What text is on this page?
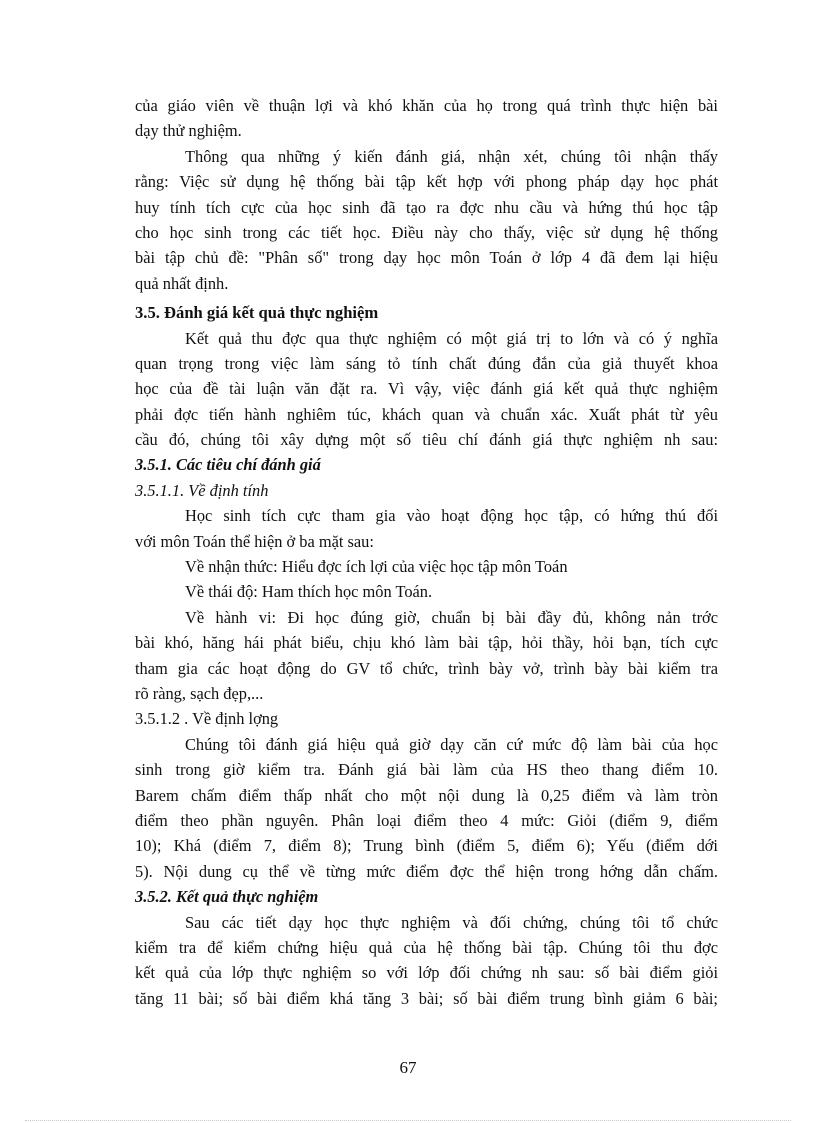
của giáo viên về thuận lợi và khó khăn của họ trong quá trình thực hiện bài
dạy thử nghiệm.
Thông qua những ý kiến đánh giá, nhận xét, chúng tôi nhận thấy
rằng: Việc sử dụng hệ thống bài tập kết hợp với phong pháp dạy học phát
huy tính tích cực của học sinh đã tạo ra đợc nhu cầu và hứng thú học tập
cho học sinh trong các tiết học. Điều này cho thấy, việc sử dụng hệ thống
bài tập chủ đề: "Phân số" trong dạy học môn Toán ở lớp 4 đã đem lại hiệu
quả nhất định.
3.5. Đánh giá kết quả thực nghiệm
Kết quả thu đợc qua thực nghiệm có một giá trị to lớn và có ý nghĩa
quan trọng trong việc làm sáng tỏ tính chất đúng đắn của giả thuyết khoa
học của đề tài luận văn đặt ra. Vì vậy, việc đánh giá kết quả thực nghiệm
phải đợc tiến hành nghiêm túc, khách quan và chuẩn xác. Xuất phát từ yêu
cầu đó, chúng tôi xây dựng một số tiêu chí đánh giá thực nghiệm nh sau:
3.5.1. Các tiêu chí đánh giá
3.5.1.1. Về định tính
Học sinh tích cực tham gia vào hoạt động học tập, có hứng thú đối
với môn Toán thể hiện ở ba mặt sau:
Về nhận thức: Hiểu đợc ích lợi của việc học tập môn Toán
Về thái độ: Ham thích học môn Toán.
Về hành vi: Đi học đúng giờ, chuẩn bị bài đầy đủ, không nản trớc
bài khó, hăng hái phát biểu, chịu khó làm bài tập, hỏi thầy, hỏi bạn, tích cực
tham gia các hoạt động do GV tổ chức, trình bày vở, trình bày bài kiểm tra
rõ ràng, sạch đẹp,...
3.5.1.2 . Về định lợng
Chúng tôi đánh giá hiệu quả giờ dạy căn cứ mức độ làm bài của học
sinh trong giờ kiểm tra. Đánh giá bài làm của HS theo thang điểm 10.
Barem chấm điểm thấp nhất cho một nội dung là 0,25 điểm và làm tròn
điểm theo phần nguyên. Phân loại điểm theo 4 mức: Giỏi (điểm 9, điểm
10); Khá (điểm 7, điểm 8); Trung bình (điểm 5, điểm 6); Yếu (điểm dới
5). Nội dung cụ thể về từng mức điểm đợc thể hiện trong hớng dẫn chấm.
3.5.2. Kết quả thực nghiệm
Sau các tiết dạy học thực nghiệm và đối chứng, chúng tôi tổ chức
kiểm tra để kiểm chứng hiệu quả của hệ thống bài tập. Chúng tôi thu đợc
kết quả của lớp thực nghiệm so với lớp đối chứng nh sau: số bài điểm giỏi
tăng 11 bài; số bài điểm khá tăng 3 bài; số bài điểm trung bình giảm 6 bài;
67
